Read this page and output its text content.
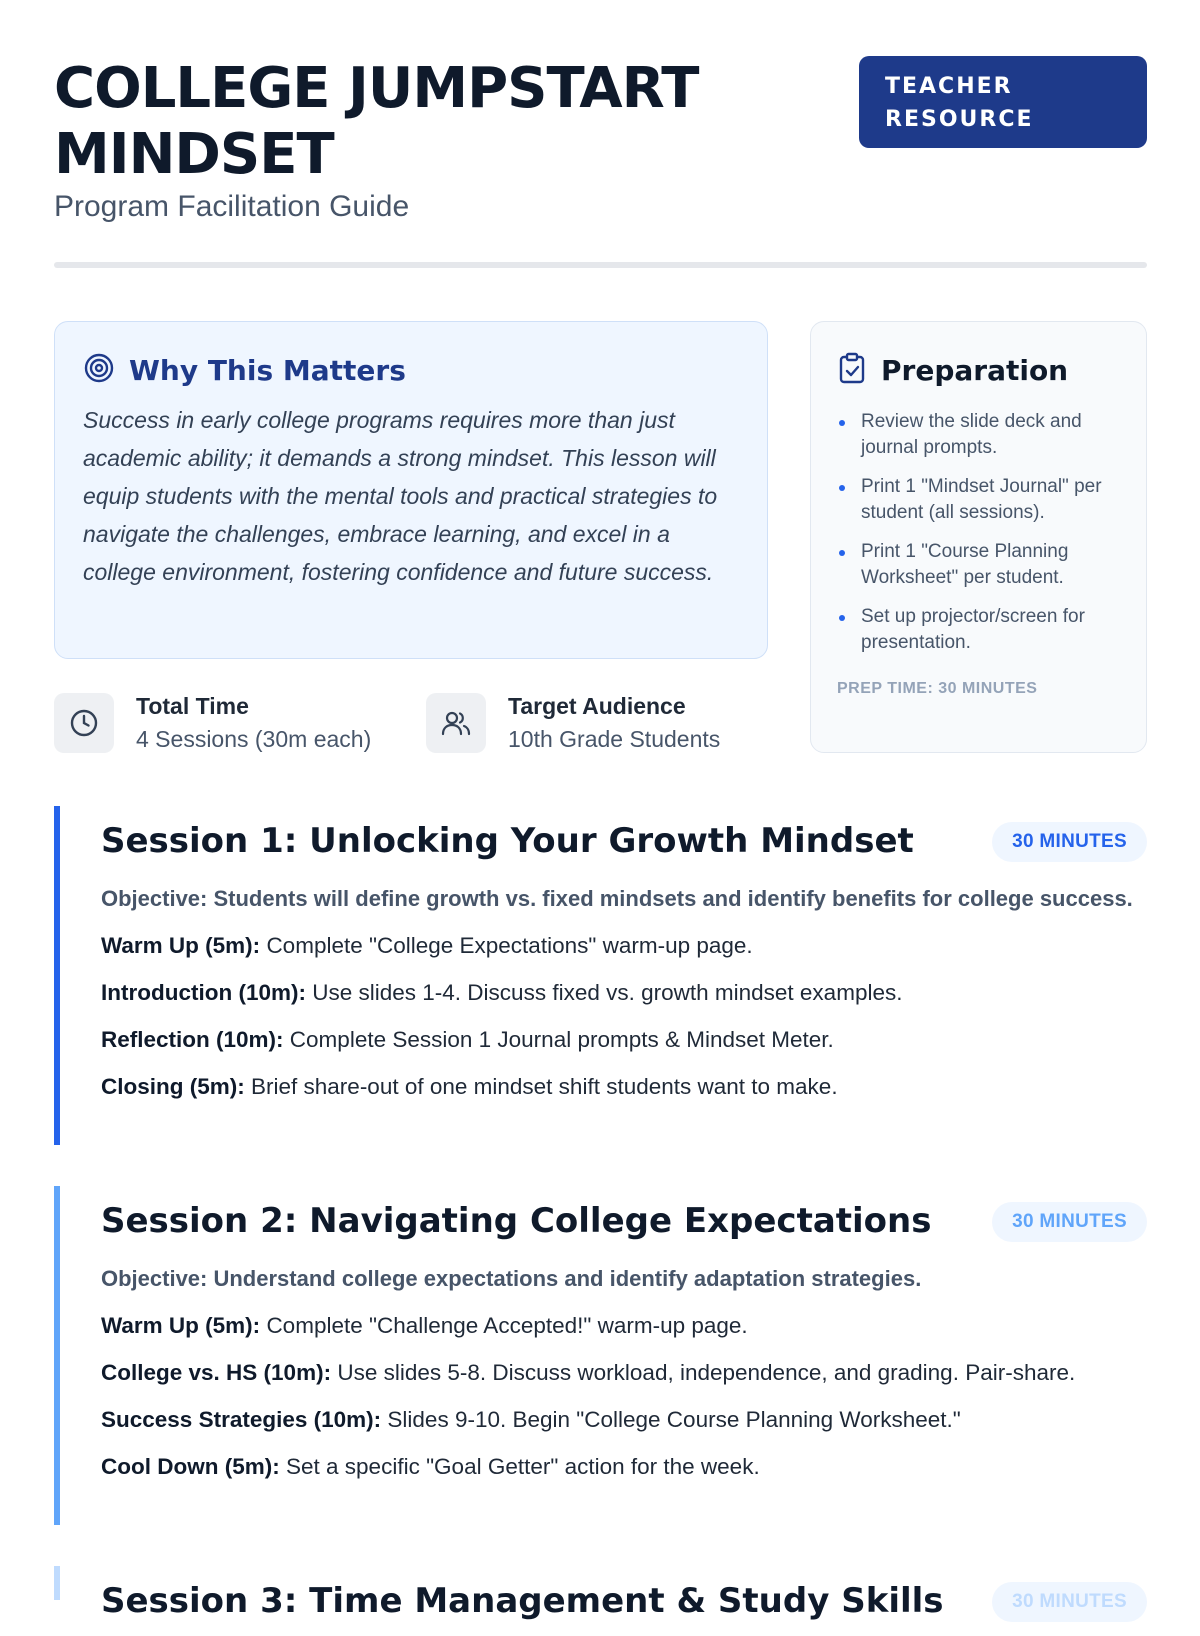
COLLEGE JUMPSTART MINDSET
Program Facilitation Guide
TEACHER RESOURCE
Why This Matters

Success in early college programs requires more than just academic ability; it demands a strong mindset. This lesson will equip students with the mental tools and practical strategies to navigate the challenges, embrace learning, and excel in a college environment, fostering confidence and future success.

Total Time
4 Sessions (30m each)
Target Audience
10th Grade Students
Preparation
Review the slide deck and journal prompts.
Print 1 "Mindset Journal" per student (all sessions).
Print 1 "Course Planning Worksheet" per student.
Set up projector/screen for presentation.
PREP TIME: 30 MINUTES
Session 1: Unlocking Your Growth Mindset	30 MINUTES
Objective: Students will define growth vs. fixed mindsets and identify benefits for college success.
Warm Up (5m): Complete "College Expectations" warm-up page.
Introduction (10m): Use slides 1-4. Discuss fixed vs. growth mindset examples.
Reflection (10m): Complete Session 1 Journal prompts & Mindset Meter.
Closing (5m): Brief share-out of one mindset shift students want to make.
Session 2: Navigating College Expectations	30 MINUTES
Objective: Understand college expectations and identify adaptation strategies.
Warm Up (5m): Complete "Challenge Accepted!" warm-up page.
College vs. HS (10m): Use slides 5-8. Discuss workload, independence, and grading. Pair-share.
Success Strategies (10m): Slides 9-10. Begin "College Course Planning Worksheet."
Cool Down (5m): Set a specific "Goal Getter" action for the week.
Session 3: Time Management & Study Skills	30 MINUTES
